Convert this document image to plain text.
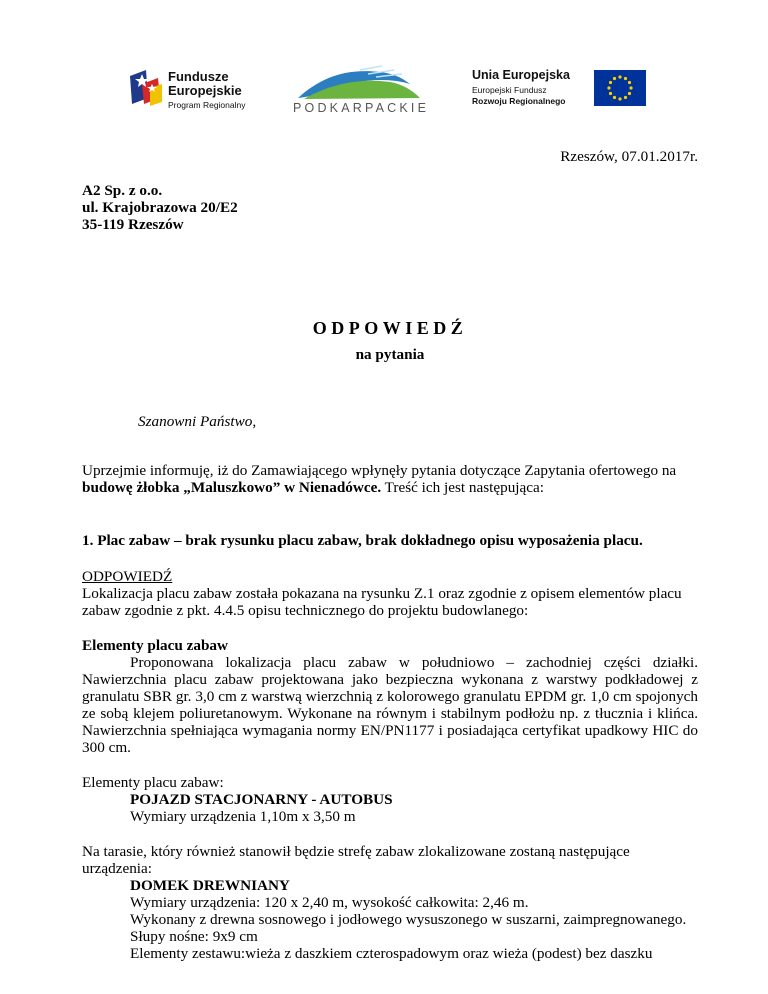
Fundusze
Europejskie
Program Regionalny	PODKARPACKIE
Unia Europejska
Europejski Fundusz
Rozwoju Regionalnego

Rzeszów, 07.01.2017r.

A2 Sp. z o.o.
ul. Krajobrazowa 20/E2
35-119 Rzeszów
ODPOWIEDŹ
na pytania
Szanowni Państwo,

Uprzejmie informuję, iż do Zamawiającego wpłynęły pytania dotyczące Zapytania ofertowego na budowę żłobka „Maluszkowo” w Nienadówce. Treść ich jest następująca:

1. Plac zabaw – brak rysunku placu zabaw, brak dokładnego opisu wyposażenia placu.

ODPOWIEDŹ

Lokalizacja placu zabaw została pokazana na rysunku Z.1 oraz zgodnie z opisem elementów placu zabaw zgodnie z pkt. 4.4.5 opisu technicznego do projektu budowlanego:

Elementy placu zabaw

Proponowana lokalizacja placu zabaw w południowo – zachodniej części działki. Nawierzchnia placu zabaw projektowana jako bezpieczna wykonana z warstwy podkładowej z granulatu SBR gr. 3,0 cm z warstwą wierzchnią z kolorowego granulatu EPDM gr. 1,0 cm spojonych ze sobą klejem poliuretanowym. Wykonane na równym i stabilnym podłożu np. z tłucznia i klińca. Nawierzchnia spełniająca wymagania normy EN/PN1177 i posiadająca certyfikat upadkowy HIC do 300 cm.

Elementy placu zabaw:

POJAZD STACJONARNY - AUTOBUS

Wymiary urządzenia 1,10m x 3,50 m

Na tarasie, który również stanowił będzie strefę zabaw zlokalizowane zostaną następujące urządzenia:

DOMEK DREWNIANY

Wymiary urządzenia: 120 x 2,40 m, wysokość całkowita: 2,46 m.

Wykonany z drewna sosnowego i jodłowego wysuszonego w suszarni, zaimpregnowanego.

Słupy nośne: 9x9 cm

Elementy zestawu:wieża z daszkiem czterospadowym oraz wieża (podest) bez daszku
